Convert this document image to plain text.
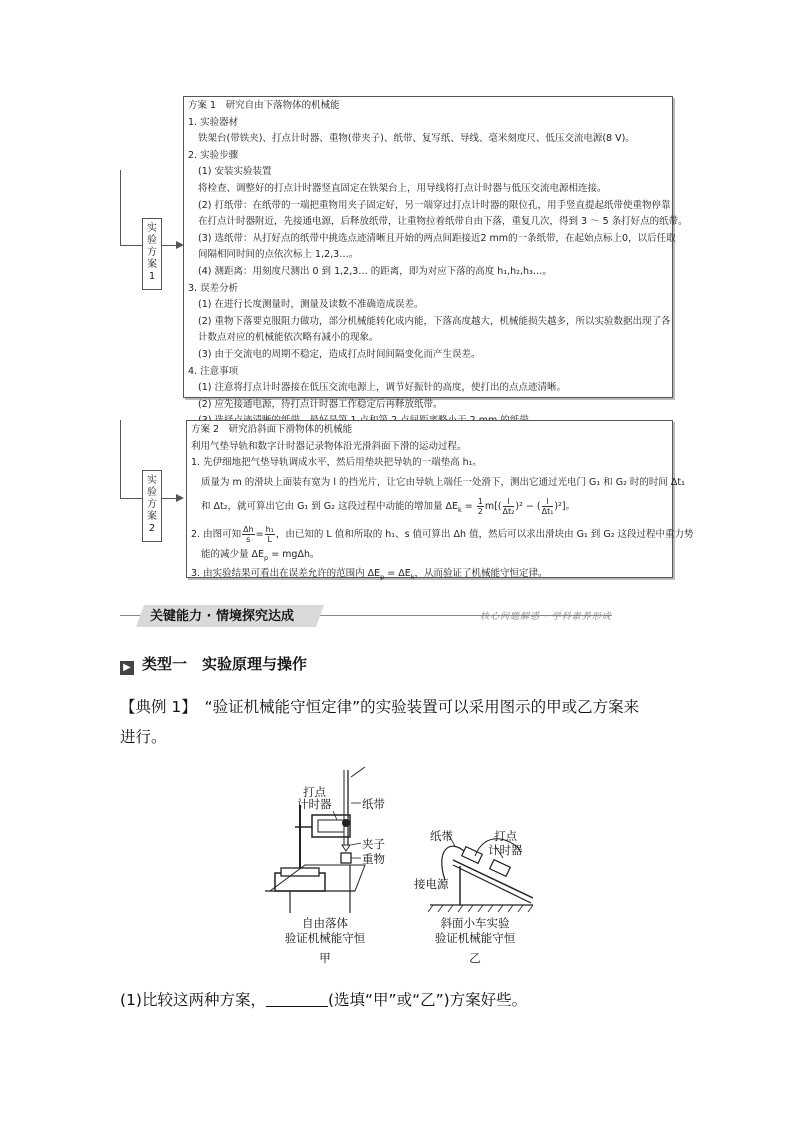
实
验
方
案
1
实
验
方
案
2
方案 1　研究自由下落物体的机械能
1. 实验器材
铁架台(带铁夹)、打点计时器、重物(带夹子)、纸带、复写纸、导线、毫米刻度尺、低压交流电源(8 V)。
2. 实验步骤
(1) 安装实验装置
将检查、调整好的打点计时器竖直固定在铁架台上，用导线将打点计时器与低压交流电源相连接。
(2) 打纸带：在纸带的一端把重物用夹子固定好，另一端穿过打点计时器的限位孔，用手竖直提起纸带使重物停靠
在打点计时器附近，先接通电源，后释放纸带，让重物拉着纸带自由下落，重复几次，得到 3 ～ 5 条打好点的纸带。
(3) 选纸带：从打好点的纸带中挑选点迹清晰且开始的两点间距接近2 mm的一条纸带，在起始点标上0，以后任取
间隔相同时间的点依次标上 1,2,3…。
(4) 测距离：用刻度尺测出 0 到 1,2,3… 的距离，即为对应下落的高度 h₁,h₂,h₃…。
3. 误差分析
(1) 在进行长度测量时，测量及读数不准确造成误差。
(2) 重物下落要克服阻力做功，部分机械能转化成内能，下落高度越大，机械能损失越多，所以实验数据出现了各
计数点对应的机械能依次略有减小的现象。
(3) 由于交流电的周期不稳定，造成打点时间间隔变化而产生误差。
4. 注意事项
(1) 注意将打点计时器接在低压交流电源上，调节好振针的高度，使打出的点点迹清晰。
(2) 应先接通电源，待打点计时器工作稳定后再释放纸带。
方案 2　研究沿斜面下滑物体的机械能
利用气垫导轨和数字计时器记录物体沿光滑斜面下滑的运动过程。
1. 先伊细地把气垫导轨调成水平，然后用垫块把导轨的一端垫高 h₁。
质量为 m 的滑块上面装有宽为 l 的挡光片，让它由导轨上端任一处滑下，测出它通过光电门 G₁ 和 G₂ 时的时间 Δt₁
和 Δt₂，就可算出它由 G₁ 到 G₂ 这段过程中动能的增加量 $\Delta E_k = \frac{1}{2} m[( \frac{l}{\text{Δt₂}} )^2$ − ( $\frac{l}{\text{Δt₁}} )^2$]。
2. 由图可知 $\frac{\Delta h}{s} = \frac{\text{h₁}}{L}$ ，由已知的 L 值和所取的 h₁、s 值可算出 Δh 值，然后可以求出滑块由 G₁ 到 G₂ 这段过程中重力势
能的减少量 $\Delta E_p = mg\Delta h$。
3. 由实验结果可看出在误差允许的范围内 $\Delta E_p = \Delta E_k$，从而验证了机械能守恒定律。
关键能力 · 情境探究达成	核心问题解惑 · 学科素养形成
▶ 类型一　实验原理与操作
【典例 1】　“验证机械能守恒定律”的实验装置可以采用图示的甲或乙方案来
进行。
打点
计时器	纸带
夹子
重物
自由落体
验证机械能守恒
甲
纸带	打点
计时器
接电源
斜面小车实验
验证机械能守恒
乙
(1)比较这两种方案，	(选填“甲”或“乙”)方案好些。
